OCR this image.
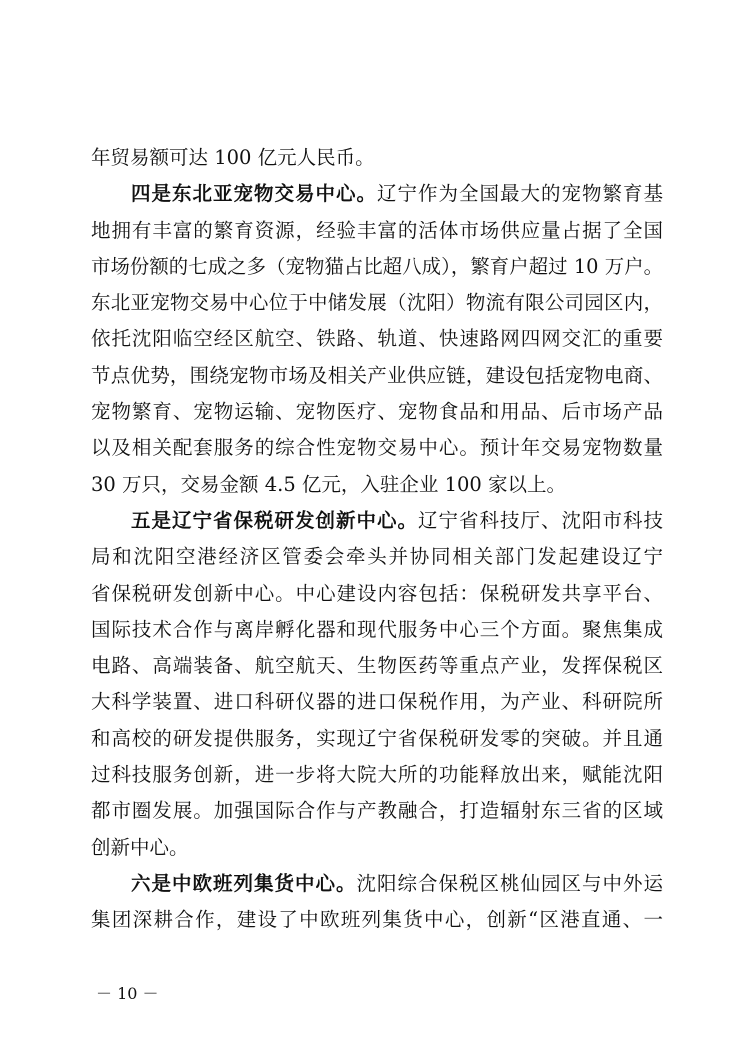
年贸易额可达 100 亿元人民币。
四是东北亚宠物交易中心。辽宁作为全国最大的宠物繁育基
地拥有丰富的繁育资源，经验丰富的活体市场供应量占据了全国
市场份额的七成之多（宠物猫占比超八成），繁育户超过 10 万户。
东北亚宠物交易中心位于中储发展（沈阳）物流有限公司园区内，
依托沈阳临空经区航空、铁路、轨道、快速路网四网交汇的重要
节点优势，围绕宠物市场及相关产业供应链，建设包括宠物电商、
宠物繁育、宠物运输、宠物医疗、宠物食品和用品、后市场产品
以及相关配套服务的综合性宠物交易中心。预计年交易宠物数量
30 万只，交易金额 4.5 亿元，入驻企业 100 家以上。
五是辽宁省保税研发创新中心。辽宁省科技厅、沈阳市科技
局和沈阳空港经济区管委会牵头并协同相关部门发起建设辽宁
省保税研发创新中心。中心建设内容包括：保税研发共享平台、
国际技术合作与离岸孵化器和现代服务中心三个方面。聚焦集成
电路、高端装备、航空航天、生物医药等重点产业，发挥保税区
大科学装置、进口科研仪器的进口保税作用，为产业、科研院所
和高校的研发提供服务，实现辽宁省保税研发零的突破。并且通
过科技服务创新，进一步将大院大所的功能释放出来，赋能沈阳
都市圈发展。加强国际合作与产教融合，打造辐射东三省的区域
创新中心。
六是中欧班列集货中心。沈阳综合保税区桃仙园区与中外运
集团深耕合作，建设了中欧班列集货中心，创新“区港直通、一
－ 10 －
